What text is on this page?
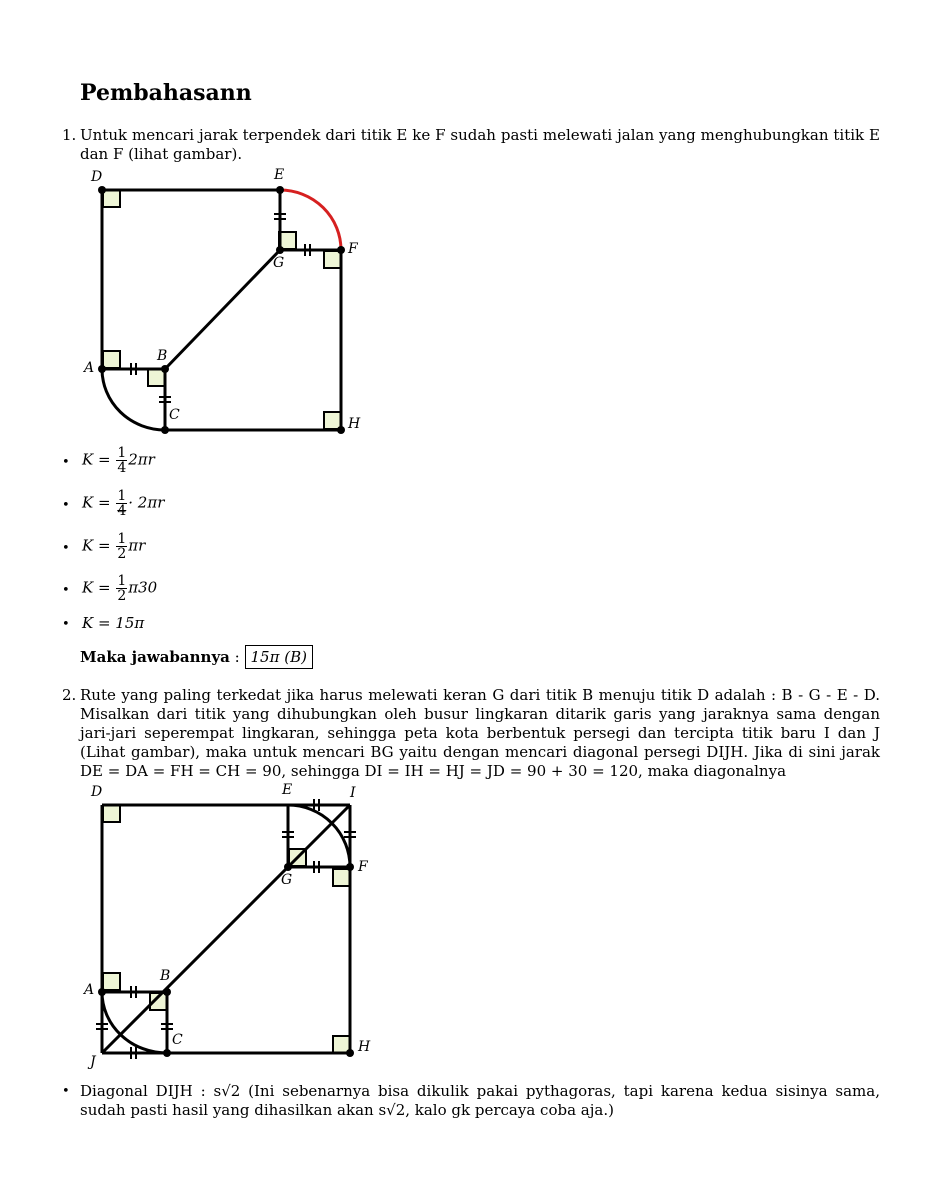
Pembahasann
1. Untuk mencari jarak terpendek dari titik E ke F sudah pasti melewati jalan yang menghubungkan titik E dan F (lihat gambar).
D	E
F
G
A
B
C
H
• $K = \frac{1}{4} 2\pi r$
• $K = \frac{1}{4} \cdot 2\pi r$
• $K = \frac{1}{2}$ πr
• $K = \frac{1}{2} \pi 30$
• K = 15π
Maka jawabannya : 15π (B)
2. Rute yang paling terkedat jika harus melewati keran G dari titik B menuju titik D adalah : B - G - E - D. Misalkan dari titik yang dihubungkan oleh busur lingkaran ditarik garis yang jaraknya sama dengan jari-jari seperempat lingkaran, sehingga peta kota berbentuk persegi dan tercipta titik baru I dan J (Lihat gambar), maka untuk mencari BG yaitu dengan mencari diagonal persegi DIJH. Jika di sini jarak DE = DA = FH = CH = 90, sehingga DI = IH = HJ = JD = 90 + 30 = 120, maka diagonalnya
D	E	I
F
G
A
B
C
J
H
• Diagonal DIJH : s√2 (Ini sebenarnya bisa dikulik pakai pythagoras, tapi karena kedua sisinya sama, sudah pasti hasil yang dihasilkan akan s√2, kalo gk percaya coba aja.)
